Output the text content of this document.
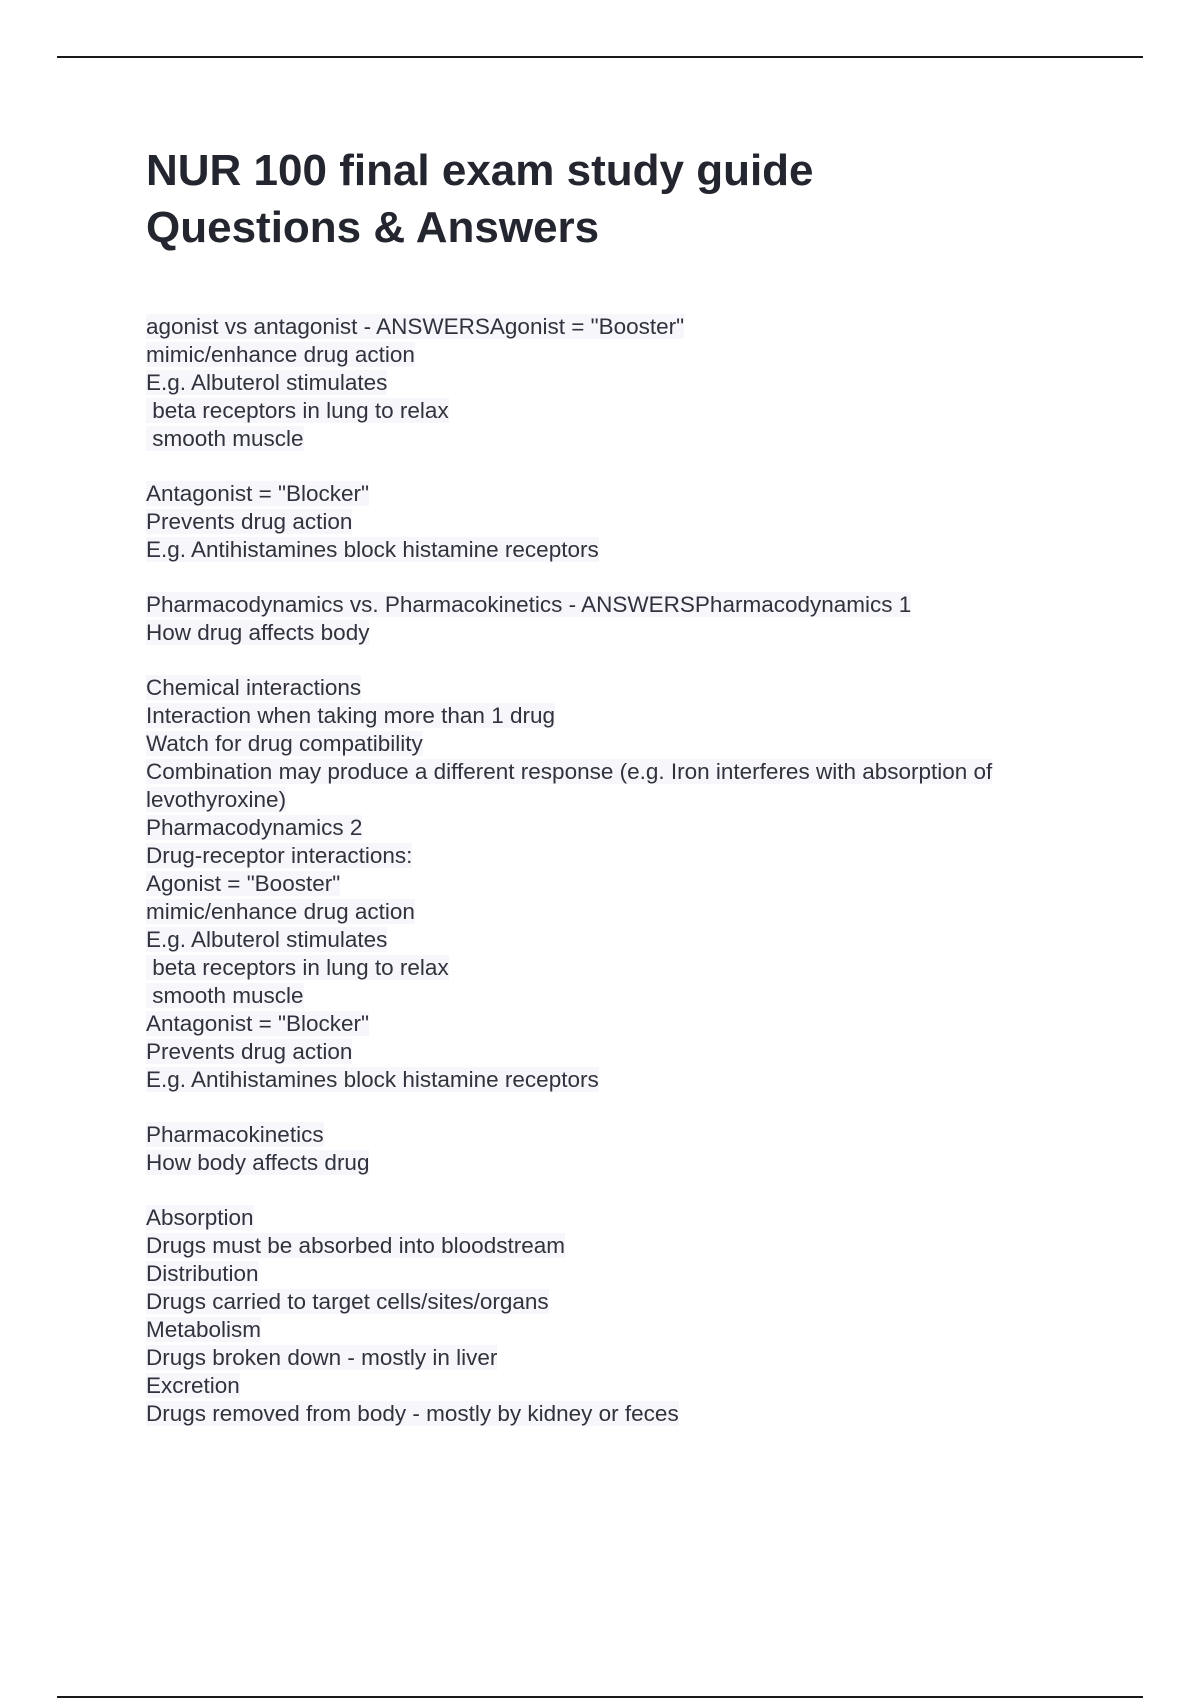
NUR 100 final exam study guide
Questions & Answers
agonist vs antagonist - ANSWERSAgonist = "Booster"
mimic/enhance drug action
E.g. Albuterol stimulates
beta receptors in lung to relax
smooth muscle
Antagonist = "Blocker"
Prevents drug action
E.g. Antihistamines block histamine receptors
Pharmacodynamics vs. Pharmacokinetics - ANSWERSPharmacodynamics 1
How drug affects body
Chemical interactions
Interaction when taking more than 1 drug
Watch for drug compatibility
Combination may produce a different response (e.g. Iron interferes with absorption of
levothyroxine)
Pharmacodynamics 2
Drug-receptor interactions:
Agonist = "Booster"
mimic/enhance drug action
E.g. Albuterol stimulates
beta receptors in lung to relax
smooth muscle
Antagonist = "Blocker"
Prevents drug action
E.g. Antihistamines block histamine receptors
Pharmacokinetics
How body affects drug
Absorption
Drugs must be absorbed into bloodstream
Distribution
Drugs carried to target cells/sites/organs
Metabolism
Drugs broken down - mostly in liver
Excretion
Drugs removed from body - mostly by kidney or feces
